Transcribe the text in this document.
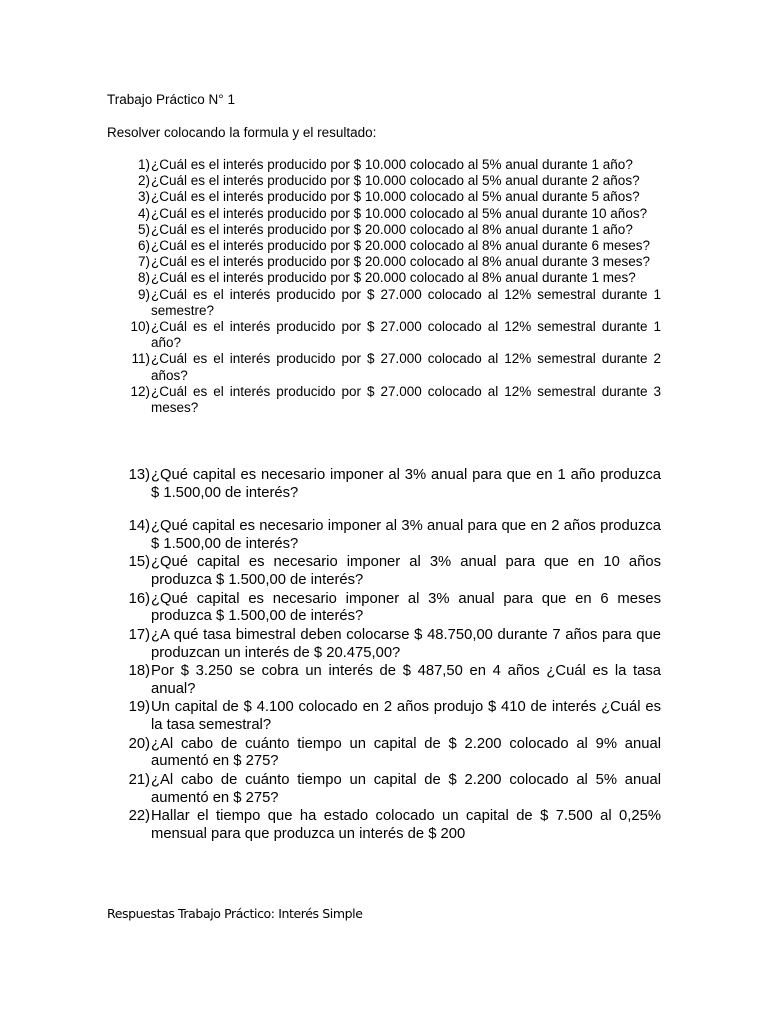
Trabajo Práctico N° 1
Resolver colocando la formula y el resultado:
1) ¿Cuál es el interés producido por $ 10.000 colocado al 5% anual durante 1 año?
2) ¿Cuál es el interés producido por $ 10.000 colocado al 5% anual durante 2 años?
3) ¿Cuál es el interés producido por $ 10.000 colocado al 5% anual durante 5 años?
4) ¿Cuál es el interés producido por $ 10.000 colocado al 5% anual durante 10 años?
5) ¿Cuál es el interés producido por $ 20.000 colocado al 8% anual durante 1 año?
6) ¿Cuál es el interés producido por $ 20.000 colocado al 8% anual durante 6 meses?
7) ¿Cuál es el interés producido por $ 20.000 colocado al 8% anual durante 3 meses?
8) ¿Cuál es el interés producido por $ 20.000 colocado al 8% anual durante 1 mes?
9) ¿Cuál es el interés producido por $ 27.000 colocado al 12% semestral durante 1 semestre?
10) ¿Cuál es el interés producido por $ 27.000 colocado al 12% semestral durante 1 año?
11) ¿Cuál es el interés producido por $ 27.000 colocado al 12% semestral durante 2 años?
12) ¿Cuál es el interés producido por $ 27.000 colocado al 12% semestral durante 3 meses?
13) ¿Qué capital es necesario imponer al 3% anual para que en 1 año produzca $ 1.500,00 de interés?
14) ¿Qué capital es necesario imponer al 3% anual para que en 2 años produzca $ 1.500,00 de interés?
15) ¿Qué capital es necesario imponer al 3% anual para que en 10 años produzca $ 1.500,00 de interés?
16) ¿Qué capital es necesario imponer al 3% anual para que en 6 meses produzca $ 1.500,00 de interés?
17) ¿A qué tasa bimestral deben colocarse $ 48.750,00 durante 7 años para que produzcan un interés de $ 20.475,00?
18) Por $ 3.250 se cobra un interés de $ 487,50 en 4 años ¿Cuál es la tasa anual?
19) Un capital de $ 4.100 colocado en 2 años produjo $ 410 de interés ¿Cuál es la tasa semestral?
20) ¿Al cabo de cuánto tiempo un capital de $ 2.200 colocado al 9% anual aumentó en $ 275?
21) ¿Al cabo de cuánto tiempo un capital de $ 2.200 colocado al 5% anual aumentó en $ 275?
22) Hallar el tiempo que ha estado colocado un capital de $ 7.500 al 0,25% mensual para que produzca un interés de $ 200
Respuestas Trabajo Práctico: Interés Simple
